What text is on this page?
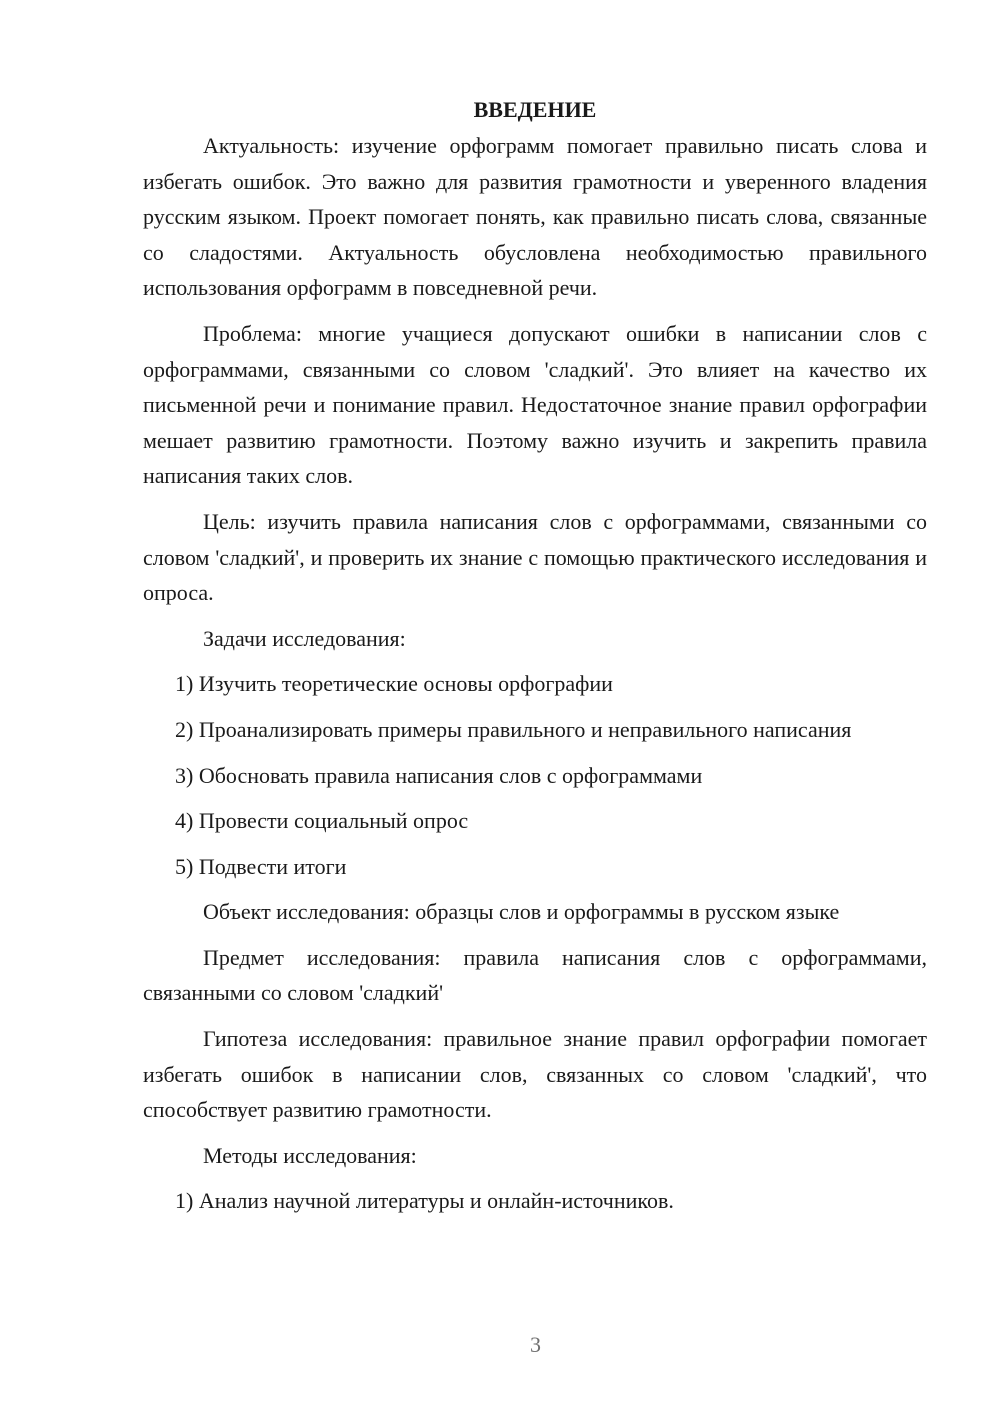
ВВЕДЕНИЕ

Актуальность: изучение орфограмм помогает правильно писать слова и избегать ошибок. Это важно для развития грамотности и уверенного владения русским языком. Проект помогает понять, как правильно писать слова, связанные со сладостями. Актуальность обусловлена необходимостью правильного использования орфограмм в повседневной речи.

Проблема: многие учащиеся допускают ошибки в написании слов с орфограммами, связанными со словом 'сладкий'. Это влияет на качество их письменной речи и понимание правил. Недостаточное знание правил орфографии мешает развитию грамотности. Поэтому важно изучить и закрепить правила написания таких слов.

Цель: изучить правила написания слов с орфограммами, связанными со словом 'сладкий', и проверить их знание с помощью практического исследования и опроса.

Задачи исследования:

1) Изучить теоретические основы орфографии

2) Проанализировать примеры правильного и неправильного написания

3) Обосновать правила написания слов с орфограммами

4) Провести социальный опрос

5) Подвести итоги

Объект исследования: образцы слов и орфограммы в русском языке

Предмет исследования: правила написания слов с орфограммами, связанными со словом 'сладкий'

Гипотеза исследования: правильное знание правил орфографии помогает избегать ошибок в написании слов, связанных со словом 'сладкий', что способствует развитию грамотности.

Методы исследования:

1) Анализ научной литературы и онлайн-источников.

3
